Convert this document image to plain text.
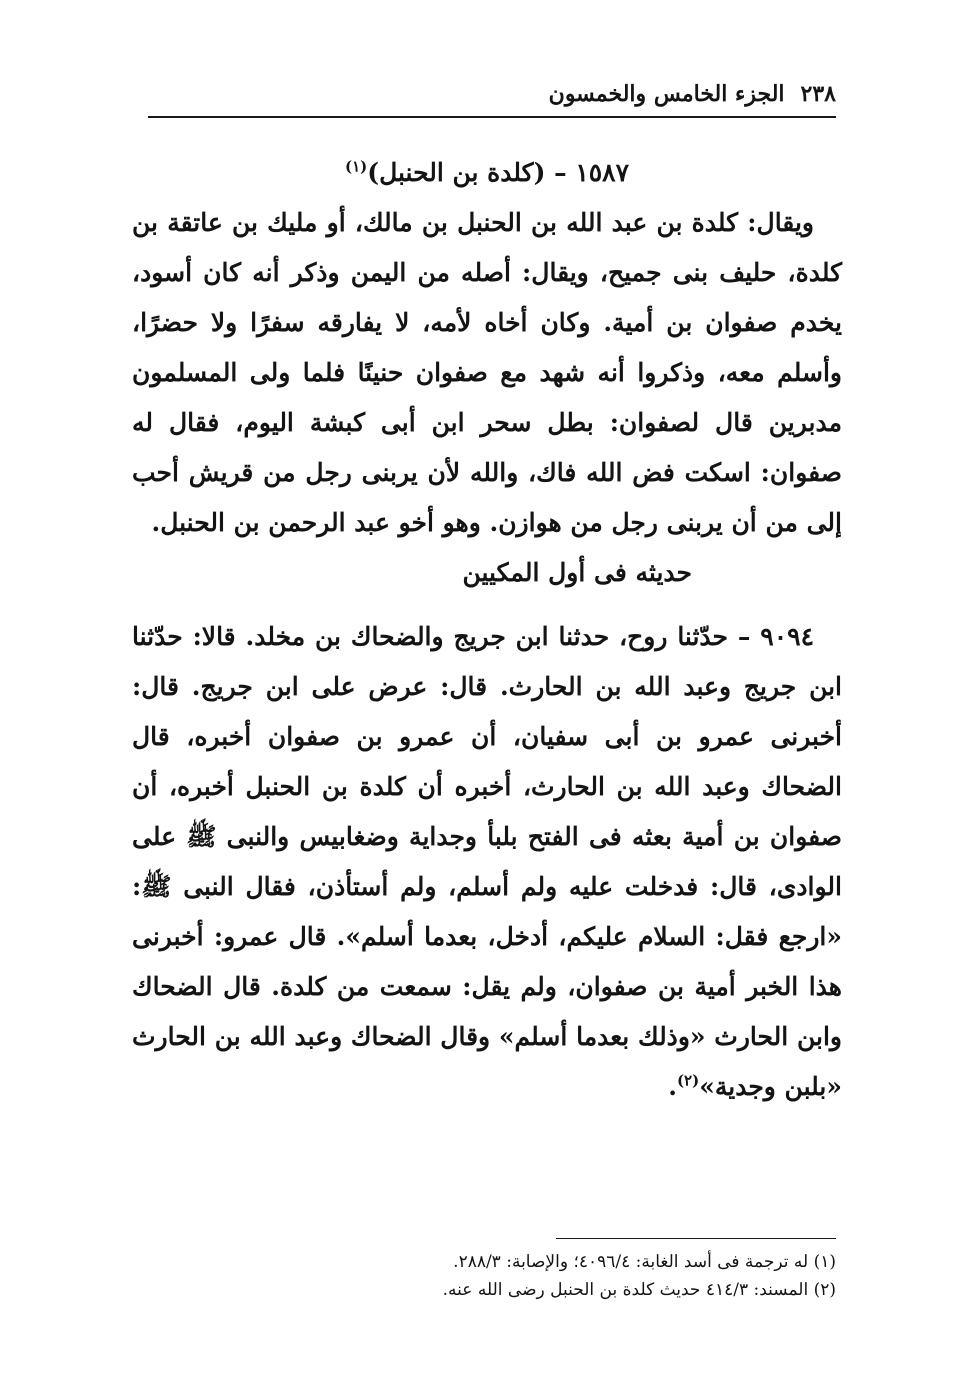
٢٣٨
الجزء الخامس والخمسون

١٥٨٧ – (كلدة بن الحنبل)$^{(١)}$

ويقال: كلدة بن عبد الله بن الحنبل بن مالك، أو مليك بن عاتقة بن كلدة، حليف بنى جميح، ويقال: أصله من اليمن وذكر أنه كان أسود، يخدم صفوان بن أمية. وكان أخاه لأمه، لا يفارقه سفرًا ولا حضرًا، وأسلم معه، وذكروا أنه شهد مع صفوان حنينًا فلما ولى المسلمون مدبرين قال لصفوان: بطل سحر ابن أبى كبشة اليوم، فقال له صفوان: اسكت فض الله فاك، والله لأن يربنى رجل من قريش أحب إلى من أن يربنى رجل من هوازن. وهو أخو عبد الرحمن بن الحنبل.

حديثه فى أول المكيين

٩٠٩٤ – حدّثنا روح، حدثنا ابن جريج والضحاك بن مخلد. قالا: حدّثنا ابن جريج وعبد الله بن الحارث. قال: عرض على ابن جريج. قال: أخبرنى عمرو بن أبى سفيان، أن عمرو بن صفوان أخبره، قال الضحاك وعبد الله بن الحارث، أخبره أن كلدة بن الحنبل أخبره، أن صفوان بن أمية بعثه فى الفتح بلبأ وجداية وضغابيس والنبى ﷺ على الوادى، قال: فدخلت عليه ولم أسلم، ولم أستأذن، فقال النبى ﷺ: «ارجع فقل: السلام عليكم، أدخل، بعدما أسلم». قال عمرو: أخبرنى هذا الخبر أمية بن صفوان، ولم يقل: سمعت من كلدة. قال الضحاك وابن الحارث «وذلك بعدما أسلم» وقال الضحاك وعبد الله بن الحارث «بلبن وجدية»$^{(٢)}$.

(١) له ترجمة فى أسد الغابة: ٤٠٩٦/٤؛ والإصابة: ٢٨٨/٣.

(٢) المسند: ٤١٤/٣ حديث كلدة بن الحنبل رضى الله عنه.
